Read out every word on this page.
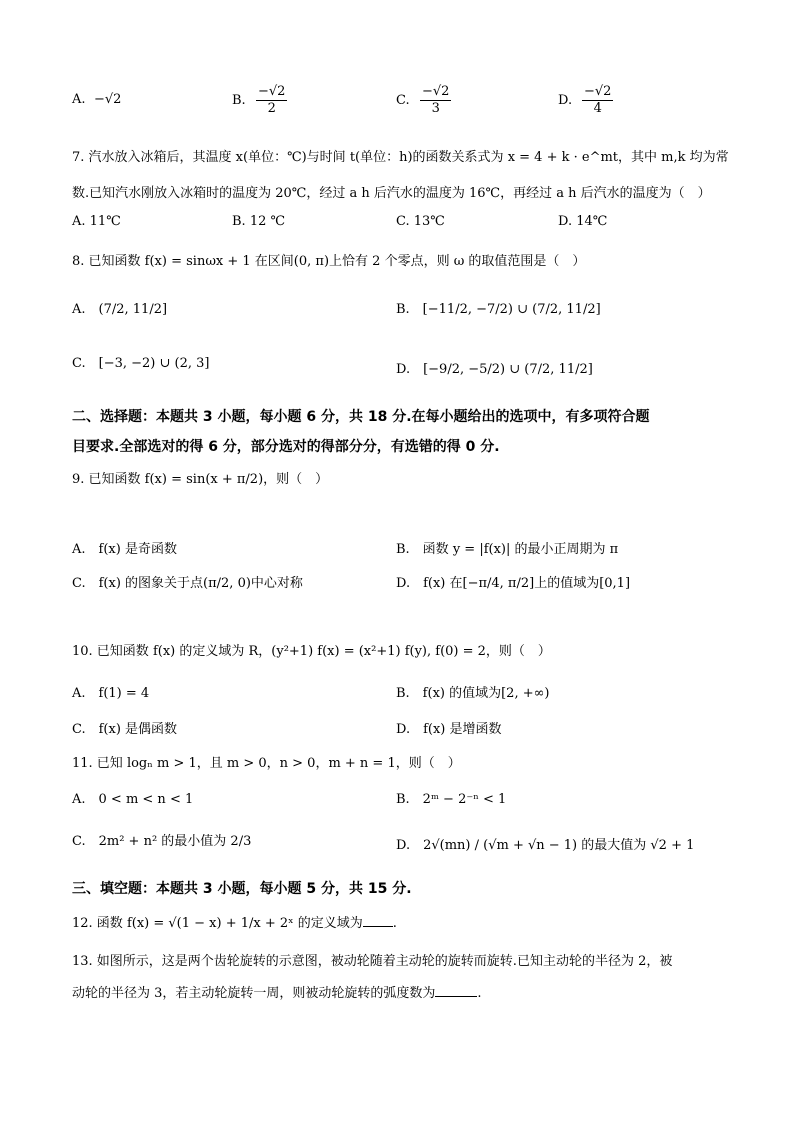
A. −√2	B. $\frac{-√2}{2}$	C. $\frac{-√2}{3}$	D. $\frac{-√2}{4}$
7. 汽水放入冰箱后，其温度 x(单位：℃)与时间 t(单位：h)的函数关系式为 x = 4 + k · e^mt，其中 m,k 均为常
数.已知汽水刚放入冰箱时的温度为 20℃，经过 a h 后汽水的温度为 16℃，再经过 a h 后汽水的温度为（　）
A. 11℃	B. 12 ℃	C. 13℃	D. 14℃
8. 已知函数 f(x) = sinωx + 1 在区间(0, π)上恰有 2 个零点，则 ω 的取值范围是（　）
A.　(7/2, 11/2]	B.　[−11/2, −7/2) ∪ (7/2, 11/2]
C.　[−3, −2) ∪ (2, 3]	D.　[−9/2, −5/2) ∪ (7/2, 11/2]
二、选择题：本题共 3 小题，每小题 6 分，共 18 分.在每小题给出的选项中，有多项符合题
目要求.全部选对的得 6 分，部分选对的得部分分，有选错的得 0 分.
9. 已知函数 f(x) = sin(x + π/2)，则（　）
A.　f(x) 是奇函数	B.　函数 y = |f(x)| 的最小正周期为 π
C.　f(x) 的图象关于点(π/2, 0)中心对称	D.　f(x) 在[−π/4, π/2]上的值域为[0,1]
10. 已知函数 f(x) 的定义域为 R，(y²+1) f(x) = (x²+1) f(y), f(0) = 2，则（　）
A.　f(1) = 4	B.　f(x) 的值域为[2, +∞)
C.　f(x) 是偶函数	D.　f(x) 是增函数
11. 已知 logₙ m > 1，且 m > 0，n > 0，m + n = 1，则（　）
A.　0 < m < n < 1	B.　2ᵐ − 2⁻ⁿ < 1
C.　2m² + n² 的最小值为 2/3	D.　2√(mn) / (√m + √n − 1) 的最大值为 √2 + 1
三、填空题：本题共 3 小题，每小题 5 分，共 15 分.
12. 函数 f(x) = √(1 − x) + 1/x + 2ˣ 的定义域为 .
13. 如图所示，这是两个齿轮旋转的示意图，被动轮随着主动轮的旋转而旋转.已知主动轮的半径为 2，被
动轮的半径为 3，若主动轮旋转一周，则被动轮旋转的弧度数为	.
